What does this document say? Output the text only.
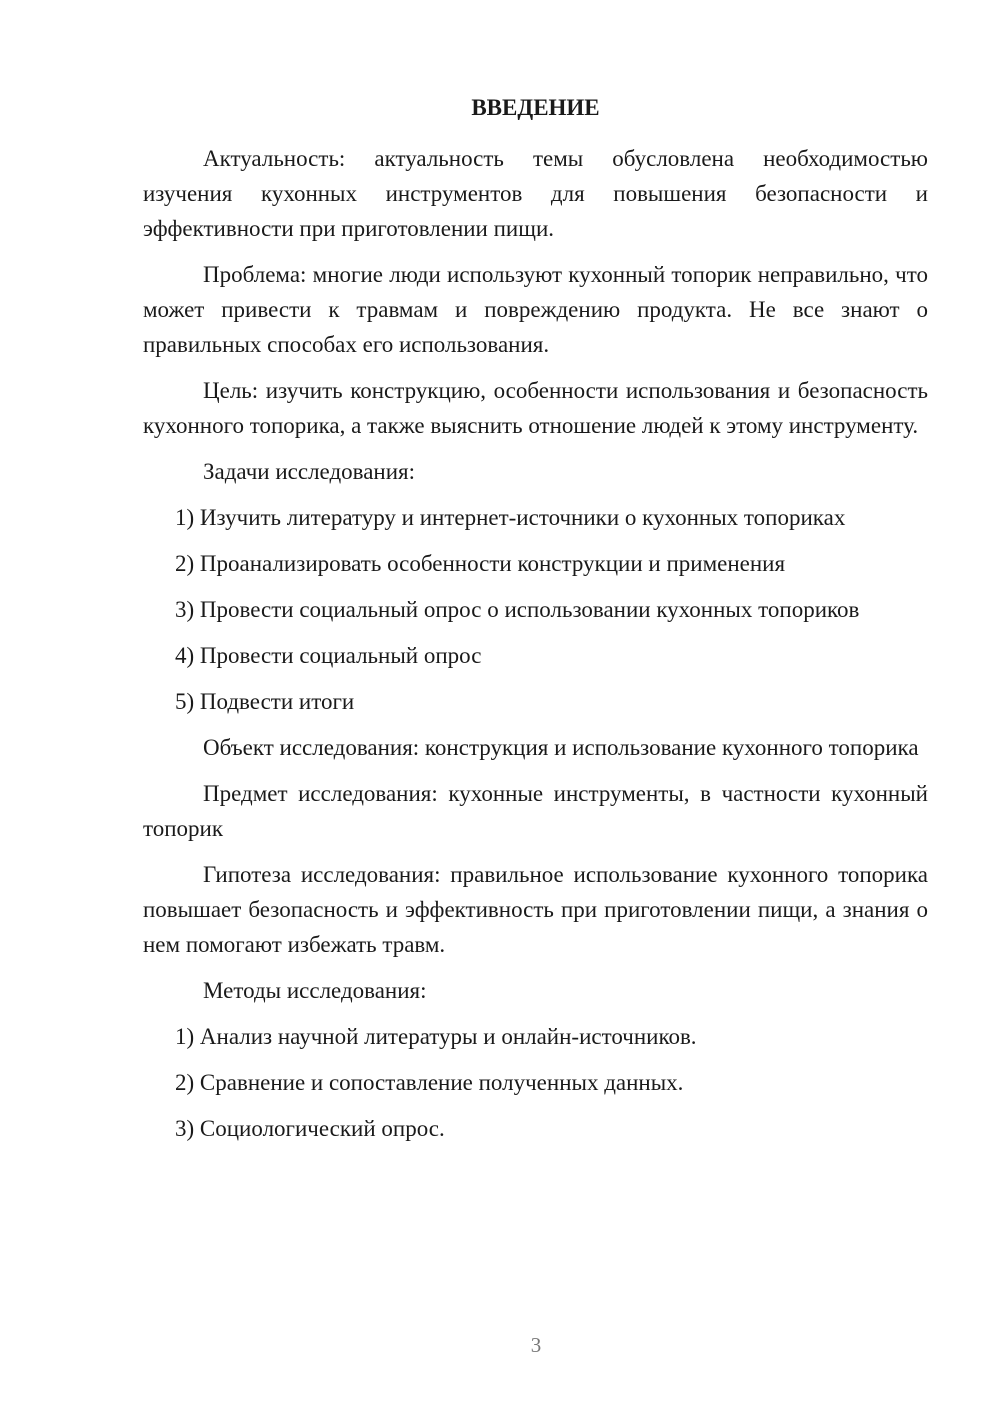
ВВЕДЕНИЕ

Актуальность: актуальность темы обусловлена необходимостью изучения кухонных инструментов для повышения безопасности и эффективности при приготовлении пищи.

Проблема: многие люди используют кухонный топорик неправильно, что может привести к травмам и повреждению продукта. Не все знают о правильных способах его использования.

Цель: изучить конструкцию, особенности использования и безопасность кухонного топорика, а также выяснить отношение людей к этому инструменту.

Задачи исследования:

1) Изучить литературу и интернет-источники о кухонных топориках
2) Проанализировать особенности конструкции и применения
3) Провести социальный опрос о использовании кухонных топориков
4) Провести социальный опрос
5) Подвести итоги

Объект исследования: конструкция и использование кухонного топорика

Предмет исследования: кухонные инструменты, в частности кухонный топорик

Гипотеза исследования: правильное использование кухонного топорика повышает безопасность и эффективность при приготовлении пищи, а знания о нем помогают избежать травм.

Методы исследования:

1) Анализ научной литературы и онлайн-источников.
2) Сравнение и сопоставление полученных данных.
3) Социологический опрос.
3
